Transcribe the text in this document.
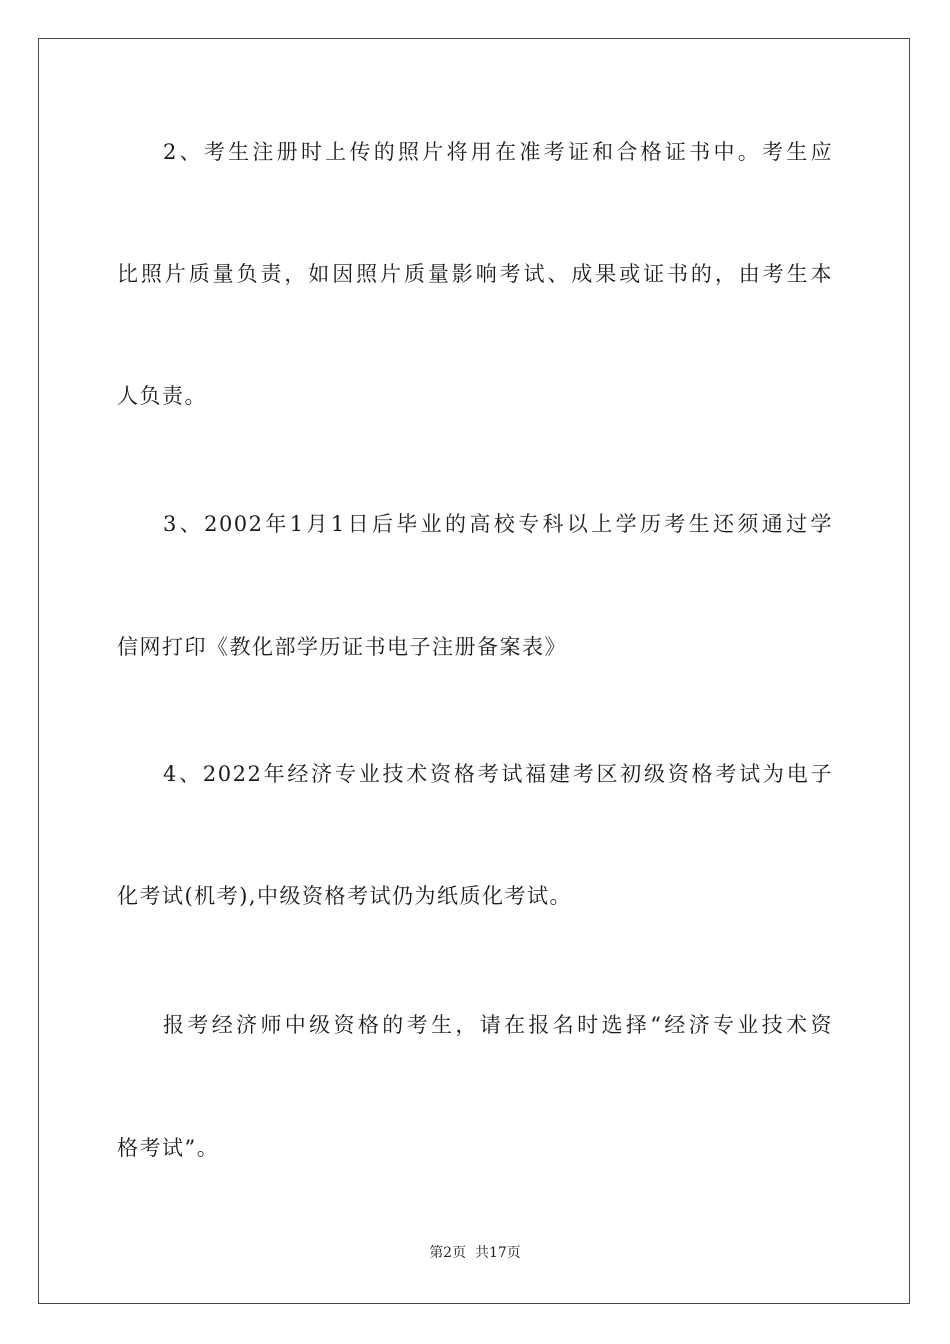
2、考生注册时上传的照片将用在准考证和合格证书中。考生应
比照片质量负责，如因照片质量影响考试、成果或证书的，由考生本
人负责。
3、2002年1月1日后毕业的高校专科以上学历考生还须通过学
信网打印《教化部学历证书电子注册备案表》
4、2022年经济专业技术资格考试福建考区初级资格考试为电子
化考试(机考),中级资格考试仍为纸质化考试。
报考经济师中级资格的考生，请在报名时选择“经济专业技术资
格考试”。
第2页  共17页
